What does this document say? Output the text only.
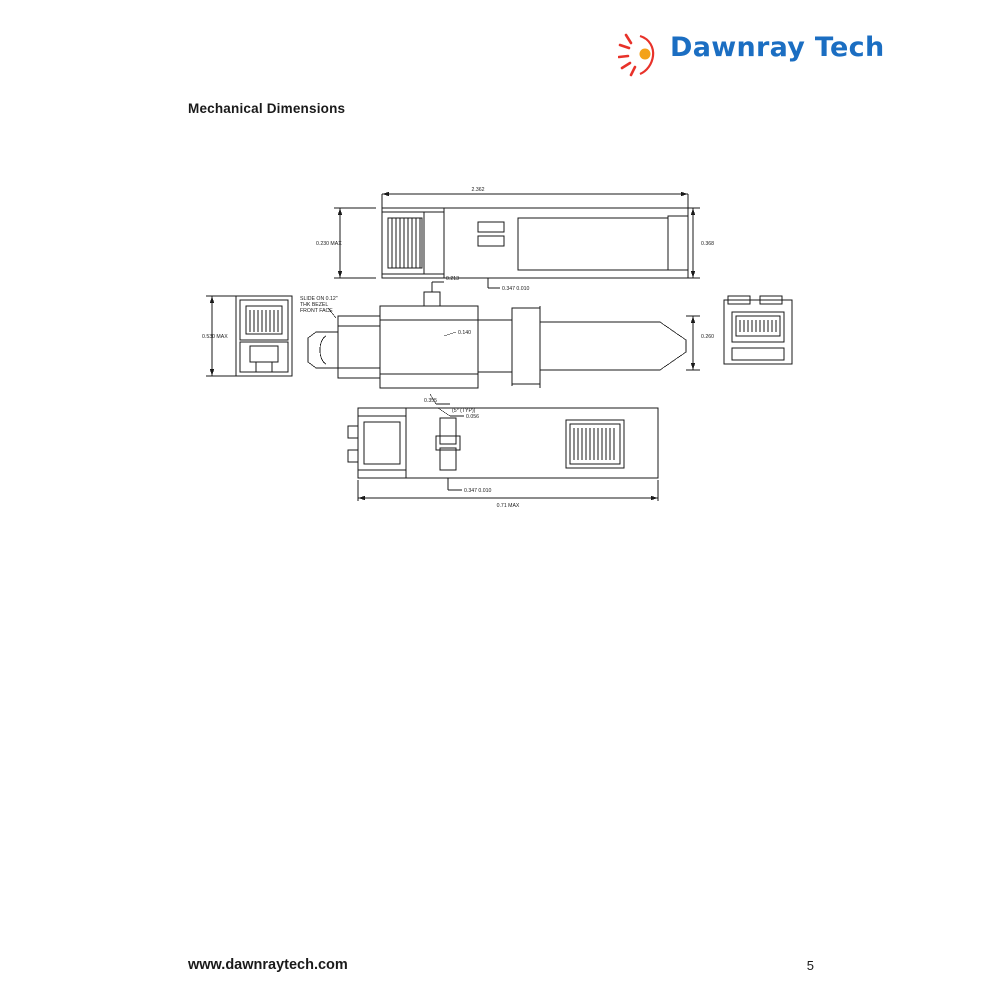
Dawnray Tech
Mechanical Dimensions
2.362
0.230 MAX	0.368
0.347 0.010
0.530 MAX
SLIDE ON 0.12"
THK BEZEL
FRONT FACE
0.213
0.140
0.260
0.355
(5° (TYP))
0.056
0.347 0.010
0.71 MAX
www.dawnraytech.com	5
